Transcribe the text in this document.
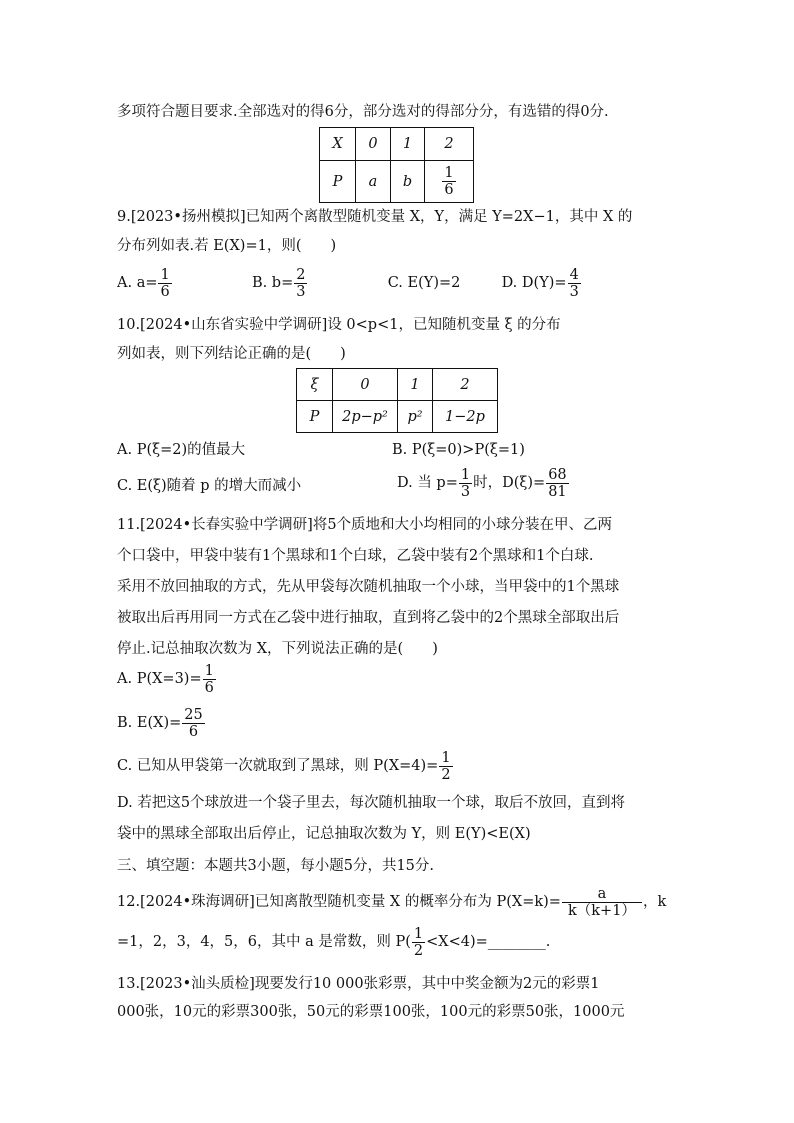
多项符合题目要求.全部选对的得6分，部分选对的得部分分，有选错的得0分.
X	0	1	2
P	a	b	$\frac{1}{6}$
9.[2023•扬州模拟]已知两个离散型随机变量 X，Y，满足 Y=2X−1，其中 X 的
分布列如表.若 E(X)=1，则(　　)
A. $a= \frac{1}{6}$	B. $b= \frac{2}{3}$	C. E(Y)=2	D. $D(Y)= \frac{4}{3}$
10.[2024•山东省实验中学调研]设 0<p<1，已知随机变量 ξ 的分布
列如表，则下列结论正确的是(　　)
ξ	0	1	2
P	2p−p²	p²	1−2p
A. P(ξ=2)的值最大	B. P(ξ=0)>P(ξ=1)
C. E(ξ)随着 p 的增大而减小	D. 当 $p= \frac{1}{3}$ 时，$D(\xi)= \frac{68}{81}$
11.[2024•长春实验中学调研]将5个质地和大小均相同的小球分装在甲、乙两
个口袋中，甲袋中装有1个黑球和1个白球，乙袋中装有2个黑球和1个白球.
采用不放回抽取的方式，先从甲袋每次随机抽取一个小球，当甲袋中的1个黑球
被取出后再用同一方式在乙袋中进行抽取，直到将乙袋中的2个黑球全部取出后
停止.记总抽取次数为 X，下列说法正确的是(　　)
A. $P(X=3)= \frac{1}{6}$
B. $E(X)= \frac{25}{6}$
C. 已知从甲袋第一次就取到了黑球，则 $P(X=4)= \frac{1}{2}$
D. 若把这5个球放进一个袋子里去，每次随机抽取一个球，取后不放回，直到将
袋中的黑球全部取出后停止，记总抽取次数为 Y，则 E(Y)<E(X)
三、填空题：本题共3小题，每小题5分，共15分.
12.[2024•珠海调研]已知离散型随机变量 X 的概率分布为 $P(X=k)= \frac{a}{k(k+1)}$ ，k
=1，2，3，4，5，6，其中 a 是常数，则 $P( \frac{1}{2}$ <X<4)=________.
13.[2023•汕头质检]现要发行10 000张彩票，其中中奖金额为2元的彩票1
000张，10元的彩票300张，50元的彩票100张，100元的彩票50张，1000元
